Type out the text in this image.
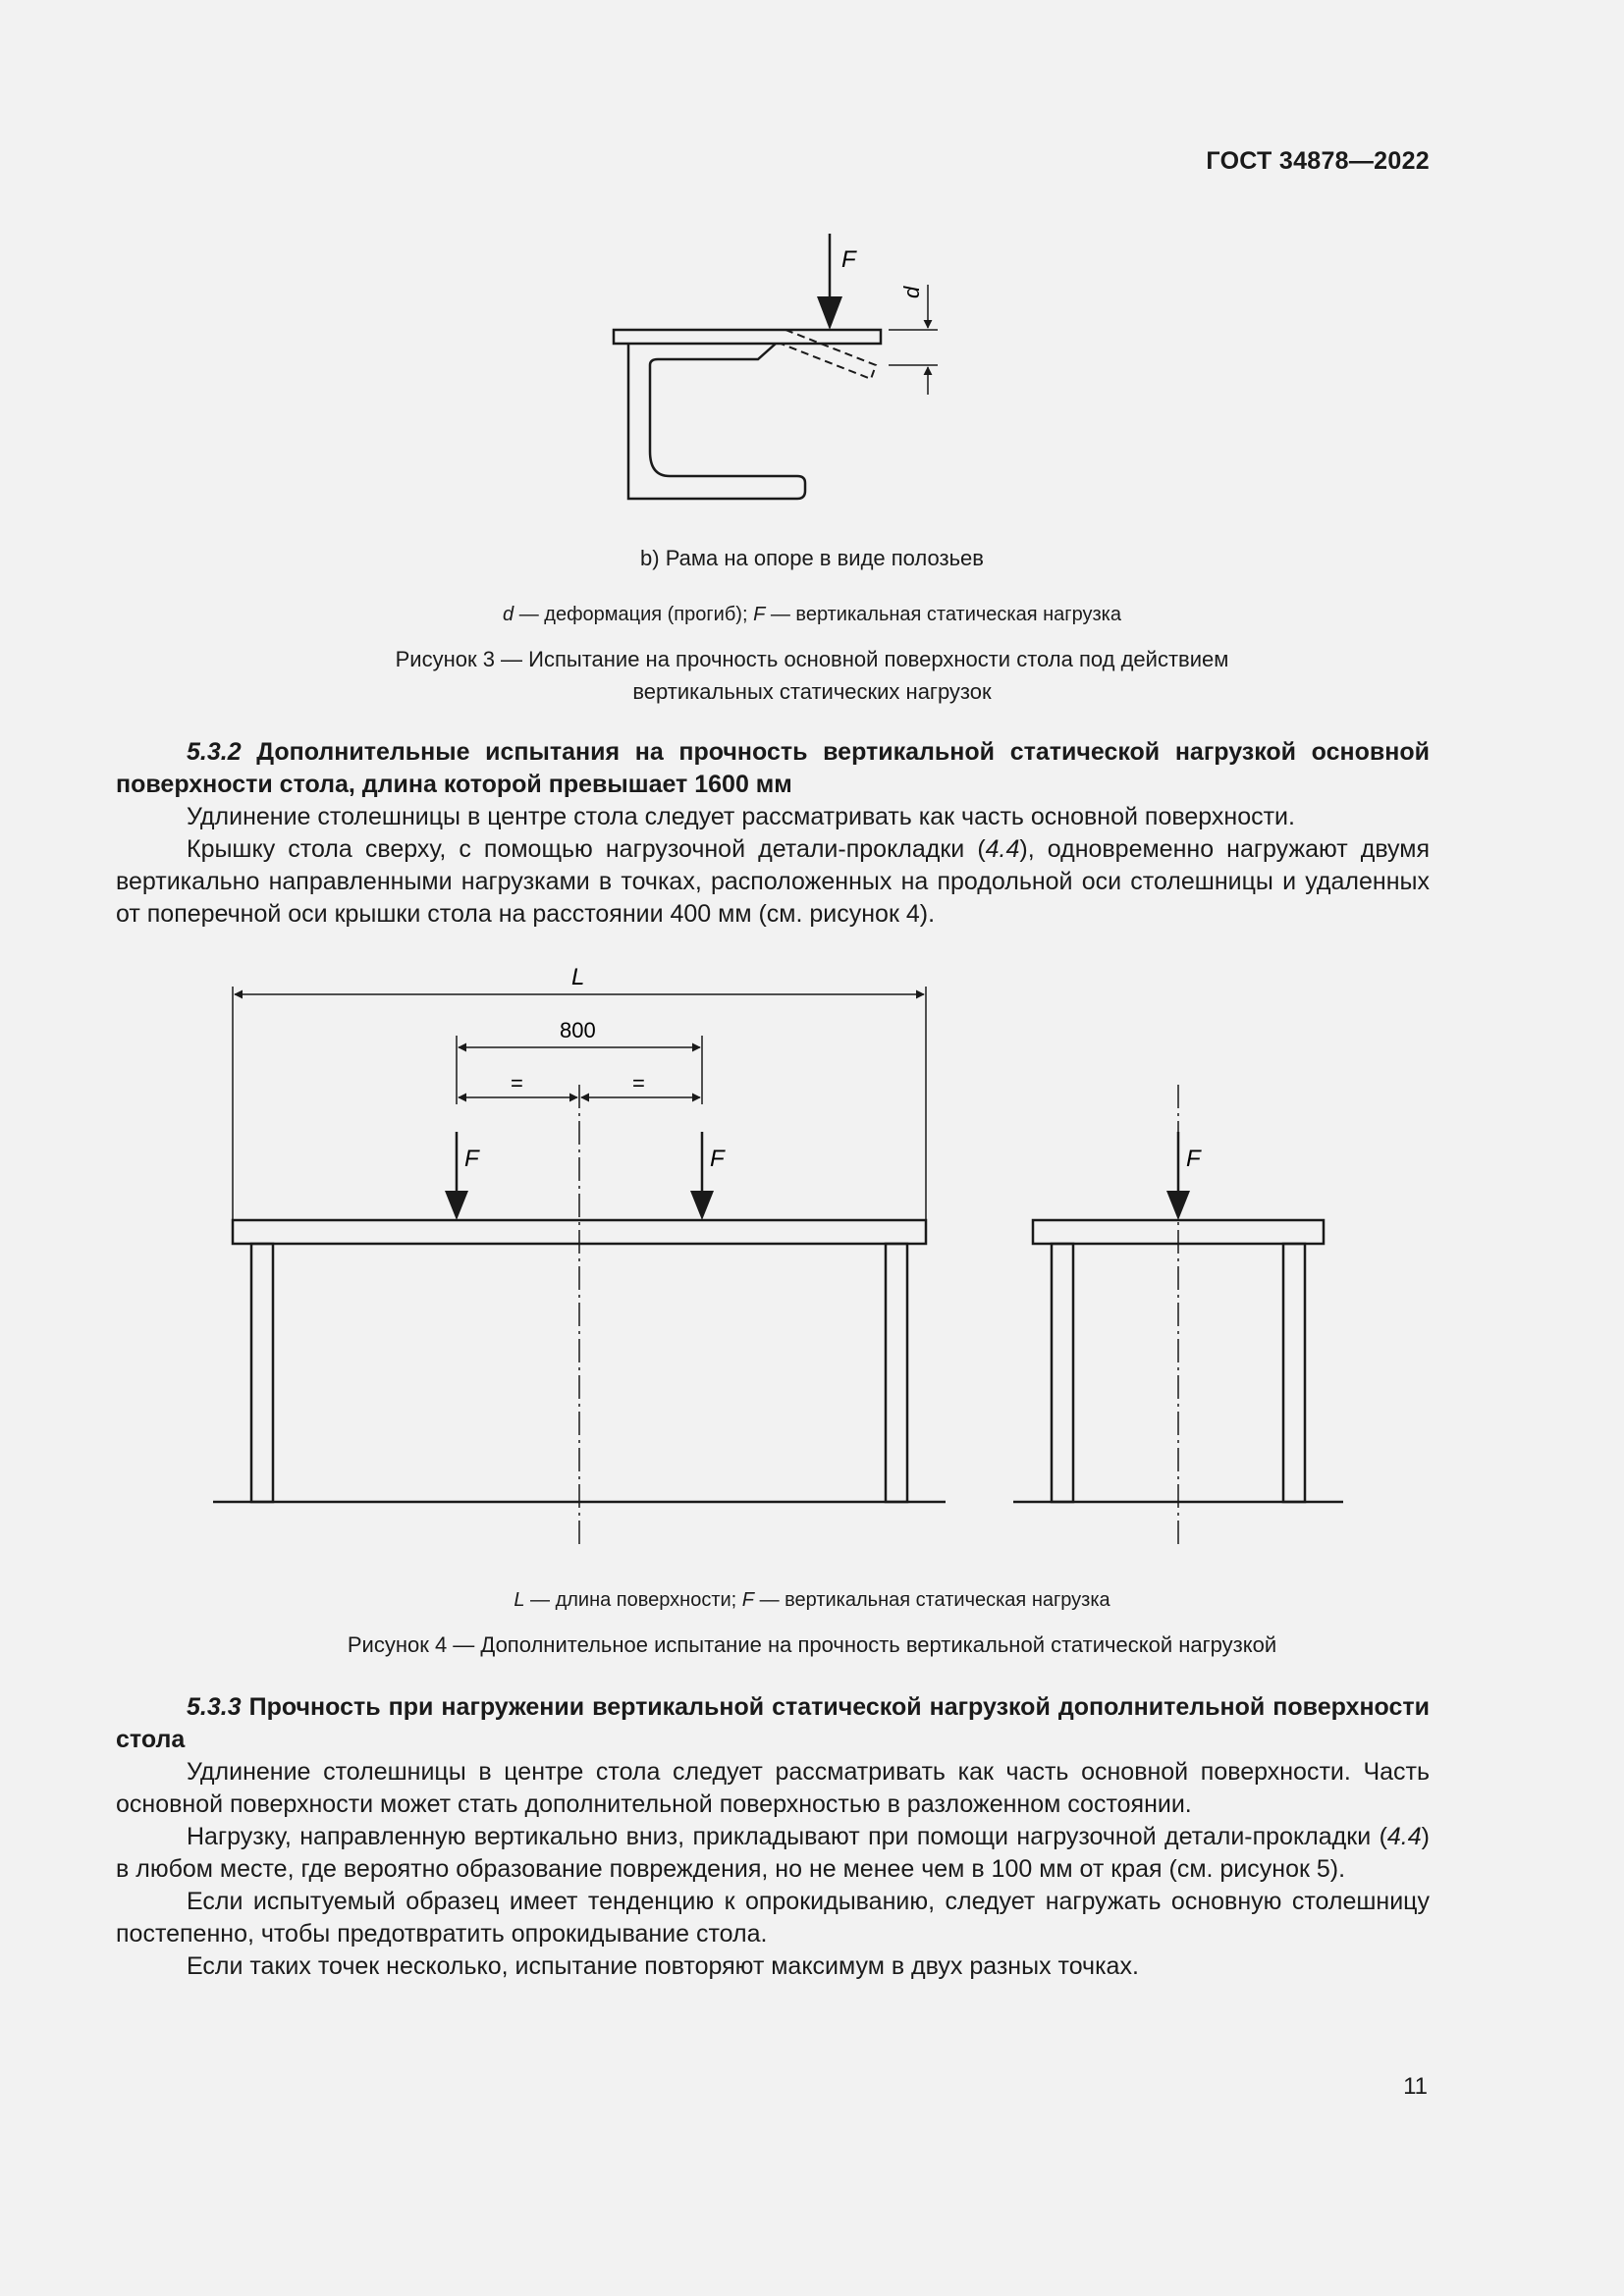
ГОСТ 34878—2022
F
d
b) Рама на опоре в виде полозьев
d — деформация (прогиб); F — вертикальная статическая нагрузка
Рисунок 3 — Испытание на прочность основной поверхности стола под действием
вертикальных статических нагрузок

5.3.2 Дополнительные испытания на прочность вертикальной статической нагрузкой основной поверхности стола, длина которой превышает 1600 мм

Удлинение столешницы в центре стола следует рассматривать как часть основной поверхности.

Крышку стола сверху, с помощью нагрузочной детали-прокладки (4.4), одновременно нагружают двумя вертикально направленными нагрузками в точках, расположенных на продольной оси столешницы и удаленных от поперечной оси крышки стола на расстоянии 400 мм (см. рисунок 4).

L
800
=	=
F	F	F
L — длина поверхности; F — вертикальная статическая нагрузка
Рисунок 4 — Дополнительное испытание на прочность вертикальной статической нагрузкой

5.3.3 Прочность при нагружении вертикальной статической нагрузкой дополнительной поверхности стола

Удлинение столешницы в центре стола следует рассматривать как часть основной поверхности. Часть основной поверхности может стать дополнительной поверхностью в разложенном состоянии.

Нагрузку, направленную вертикально вниз, прикладывают при помощи нагрузочной детали-прокладки (4.4) в любом месте, где вероятно образование повреждения, но не менее чем в 100 мм от края (см. рисунок 5).

Если испытуемый образец имеет тенденцию к опрокидыванию, следует нагружать основную столешницу постепенно, чтобы предотвратить опрокидывание стола.

Если таких точек несколько, испытание повторяют максимум в двух разных точках.

11
